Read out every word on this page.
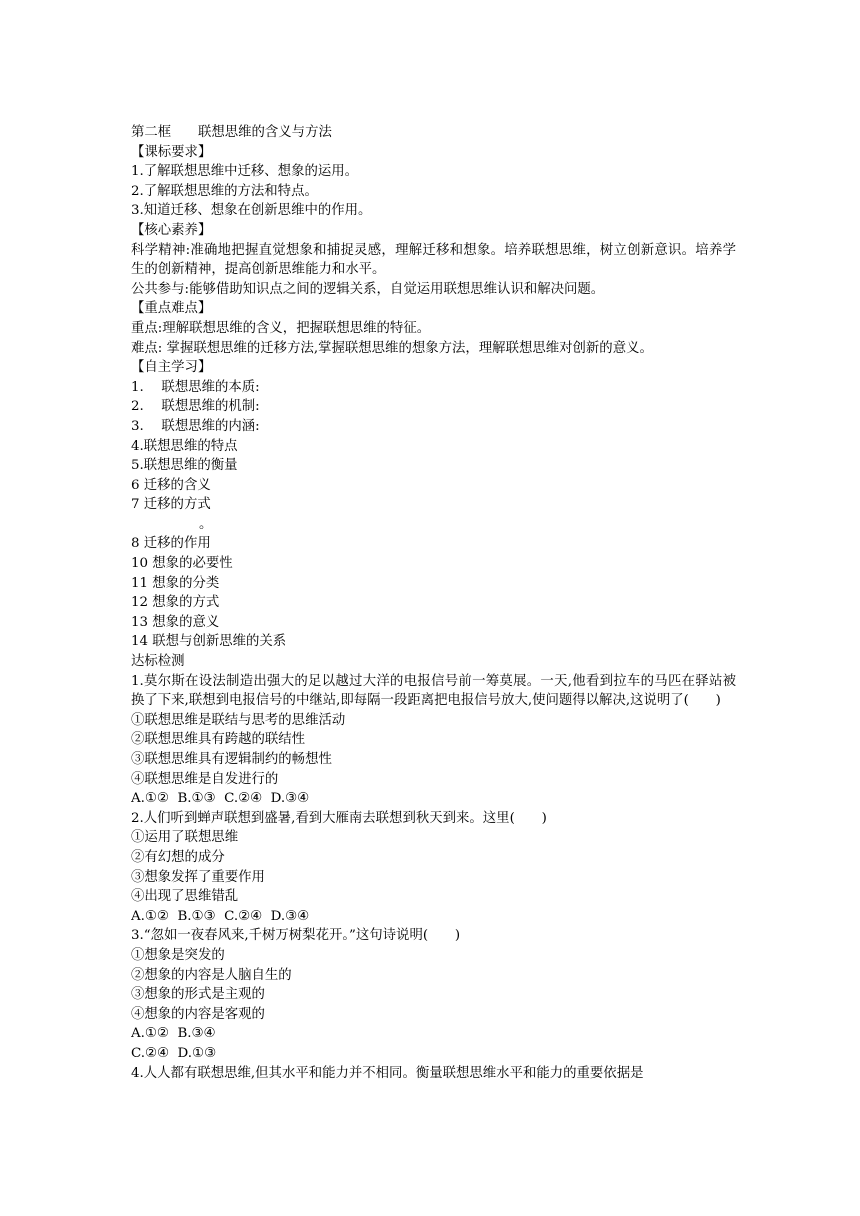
第二框　　联想思维的含义与方法
【课标要求】
1.了解联想思维中迁移、想象的运用。
2.了解联想思维的方法和特点。
3.知道迁移、想象在创新思维中的作用。
【核心素养】
科学精神:准确地把握直觉想象和捕捉灵感，理解迁移和想象。培养联想思维，树立创新意识。培养学生的创新精神，提高创新思维能力和水平。
公共参与:能够借助知识点之间的逻辑关系，自觉运用联想思维认识和解决问题。
【重点难点】
重点:理解联想思维的含义，把握联想思维的特征。
难点: 掌握联想思维的迁移方法,掌握联想思维的想象方法，理解联想思维对创新的意义。
【自主学习】
1.　 联想思维的本质:
2.　 联想思维的机制:
3.　 联想思维的内涵:
4.联想思维的特点
5.联想思维的衡量
6 迁移的含义
7 迁移的方式
。
8 迁移的作用
10 想象的必要性
11 想象的分类
12 想象的方式
13 想象的意义
14 联想与创新思维的关系
达标检测
1.莫尔斯在设法制造出强大的足以越过大洋的电报信号前一筹莫展。一天,他看到拉车的马匹在驿站被换了下来,联想到电报信号的中继站,即每隔一段距离把电报信号放大,使问题得以解决,这说明了(　　)
①联想思维是联结与思考的思维活动
②联想思维具有跨越的联结性
③联想思维具有逻辑制约的畅想性
④联想思维是自发进行的
A.①②  B.①③  C.②④  D.③④
2.人们听到蝉声联想到盛暑,看到大雁南去联想到秋天到来。这里(　　)
①运用了联想思维
②有幻想的成分
③想象发挥了重要作用
④出现了思维错乱
A.①②  B.①③  C.②④  D.③④
3.“忽如一夜春风来,千树万树梨花开。”这句诗说明(　　)
①想象是突发的
②想象的内容是人脑自生的
③想象的形式是主观的
④想象的内容是客观的
A.①②  B.③④
C.②④  D.①③
4.人人都有联想思维,但其水平和能力并不相同。衡量联想思维水平和能力的重要依据是
